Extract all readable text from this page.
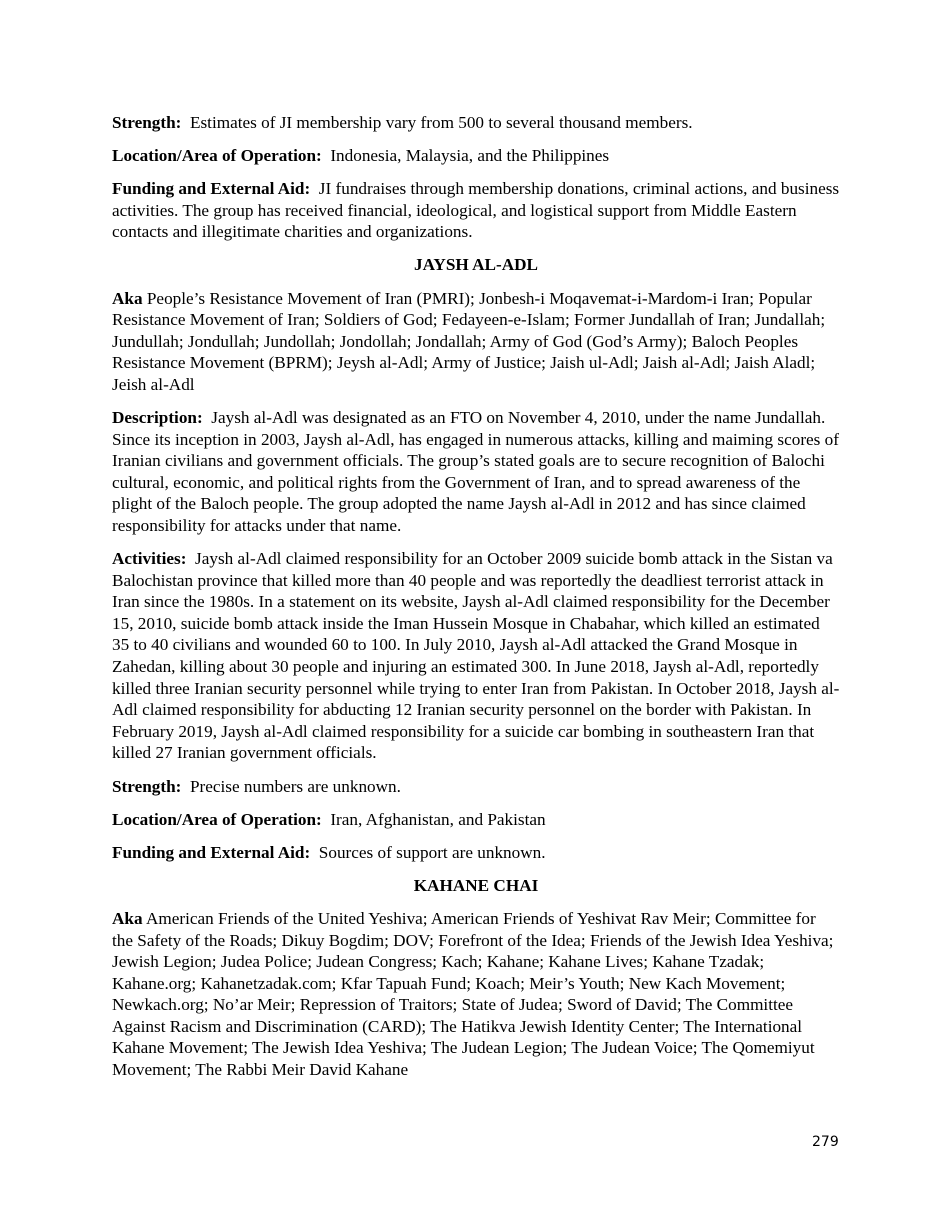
Strength: Estimates of JI membership vary from 500 to several thousand members.

Location/Area of Operation: Indonesia, Malaysia, and the Philippines

Funding and External Aid: JI fundraises through membership donations, criminal actions, and business activities. The group has received financial, ideological, and logistical support from Middle Eastern contacts and illegitimate charities and organizations.

JAYSH AL-ADL

Aka People’s Resistance Movement of Iran (PMRI); Jonbesh-i Moqavemat-i-Mardom-i Iran; Popular Resistance Movement of Iran; Soldiers of God; Fedayeen-e-Islam; Former Jundallah of Iran; Jundallah; Jundullah; Jondullah; Jundollah; Jondollah; Jondallah; Army of God (God’s Army); Baloch Peoples Resistance Movement (BPRM); Jeysh al-Adl; Army of Justice; Jaish ul-Adl; Jaish al-Adl; Jaish Aladl; Jeish al-Adl

Description: Jaysh al-Adl was designated as an FTO on November 4, 2010, under the name Jundallah. Since its inception in 2003, Jaysh al-Adl, has engaged in numerous attacks, killing and maiming scores of Iranian civilians and government officials. The group’s stated goals are to secure recognition of Balochi cultural, economic, and political rights from the Government of Iran, and to spread awareness of the plight of the Baloch people. The group adopted the name Jaysh al-Adl in 2012 and has since claimed responsibility for attacks under that name.

Activities: Jaysh al-Adl claimed responsibility for an October 2009 suicide bomb attack in the Sistan va Balochistan province that killed more than 40 people and was reportedly the deadliest terrorist attack in Iran since the 1980s. In a statement on its website, Jaysh al-Adl claimed responsibility for the December 15, 2010, suicide bomb attack inside the Iman Hussein Mosque in Chabahar, which killed an estimated 35 to 40 civilians and wounded 60 to 100. In July 2010, Jaysh al-Adl attacked the Grand Mosque in Zahedan, killing about 30 people and injuring an estimated 300. In June 2018, Jaysh al-Adl, reportedly killed three Iranian security personnel while trying to enter Iran from Pakistan. In October 2018, Jaysh al-Adl claimed responsibility for abducting 12 Iranian security personnel on the border with Pakistan. In February 2019, Jaysh al-Adl claimed responsibility for a suicide car bombing in southeastern Iran that killed 27 Iranian government officials.

Strength: Precise numbers are unknown.

Location/Area of Operation: Iran, Afghanistan, and Pakistan

Funding and External Aid: Sources of support are unknown.

KAHANE CHAI

Aka American Friends of the United Yeshiva; American Friends of Yeshivat Rav Meir; Committee for the Safety of the Roads; Dikuy Bogdim; DOV; Forefront of the Idea; Friends of the Jewish Idea Yeshiva; Jewish Legion; Judea Police; Judean Congress; Kach; Kahane; Kahane Lives; Kahane Tzadak; Kahane.org; Kahanetzadak.com; Kfar Tapuah Fund; Koach; Meir’s Youth; New Kach Movement; Newkach.org; No’ar Meir; Repression of Traitors; State of Judea; Sword of David; The Committee Against Racism and Discrimination (CARD); The Hatikva Jewish Identity Center; The International Kahane Movement; The Jewish Idea Yeshiva; The Judean Legion; The Judean Voice; The Qomemiyut Movement; The Rabbi Meir David Kahane

279
